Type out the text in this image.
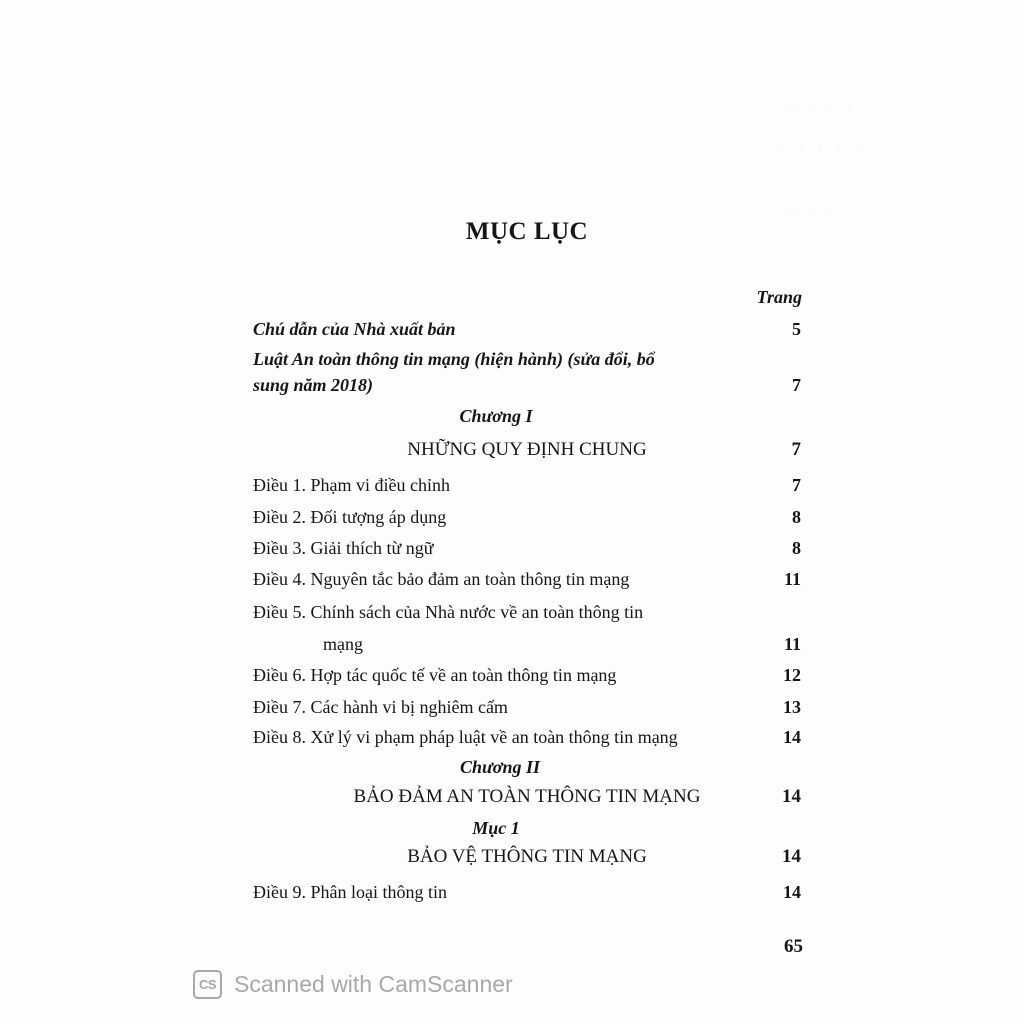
· · · ·
· · · · ·
· · ·
MỤC LỤC
Trang
Chú dẫn của Nhà xuất bản	5
Luật An toàn thông tin mạng (hiện hành) (sửa đổi, bổ
sung năm 2018)	7
Chương I
NHỮNG QUY ĐỊNH CHUNG	7
Điều 1. Phạm vi điều chỉnh	7
Điều 2. Đối tượng áp dụng	8
Điều 3. Giải thích từ ngữ	8
Điều 4. Nguyên tắc bảo đảm an toàn thông tin mạng	11
Điều 5. Chính sách của Nhà nước về an toàn thông tin
mạng	11
Điều 6. Hợp tác quốc tế về an toàn thông tin mạng	12
Điều 7. Các hành vi bị nghiêm cấm	13
Điều 8. Xử lý vi phạm pháp luật về an toàn thông tin mạng	14
Chương II
BẢO ĐẢM AN TOÀN THÔNG TIN MẠNG	14
Mục 1
BẢO VỆ THÔNG TIN MẠNG	14
Điều 9. Phân loại thông tin	14
65
CS Scanned with CamScanner
